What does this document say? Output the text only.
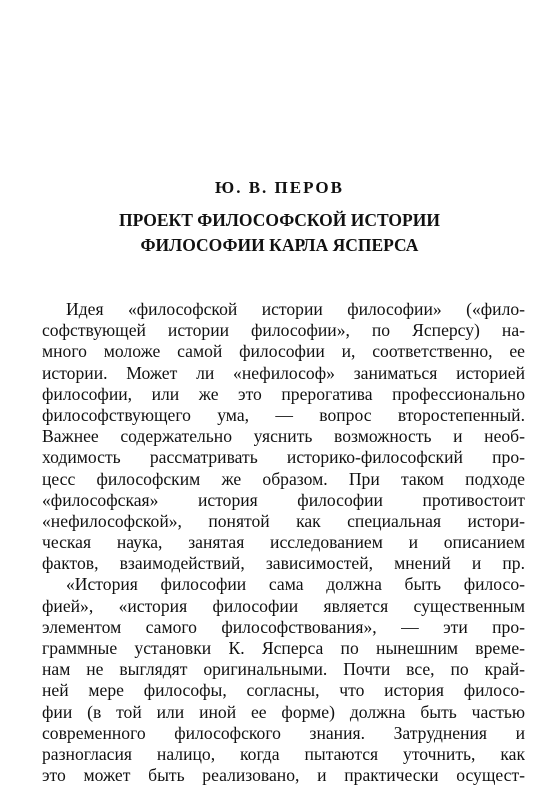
Ю. В. ПЕРОВ
ПРОЕКТ ФИЛОСОФСКОЙ ИСТОРИИ
ФИЛОСОФИИ КАРЛА ЯСПЕРСА
Идея «философской истории философии» («фило-
софствующей истории философии», по Ясперсу) на-
много моложе самой философии и, соответственно, ее
истории. Может ли «нефилософ» заниматься историей
философии, или же это прерогатива профессионально
философствующего ума, — вопрос второстепенный.
Важнее содержательно уяснить возможность и необ-
ходимость рассматривать историко-философский про-
цесс философским же образом. При таком подходе
«философская» история философии противостоит
«нефилософской», понятой как специальная истори-
ческая наука, занятая исследованием и описанием
фактов, взаимодействий, зависимостей, мнений и пр.
«История философии сама должна быть филосо-
фией», «история философии является существенным
элементом самого философствования», — эти про-
граммные установки К. Ясперса по нынешним време-
нам не выглядят оригинальными. Почти все, по край-
ней мере философы, согласны, что история филосо-
фии (в той или иной ее форме) должна быть частью
современного философского знания. Затруднения и
разногласия налицо, когда пытаются уточнить, как
это может быть реализовано, и практически осущест-
